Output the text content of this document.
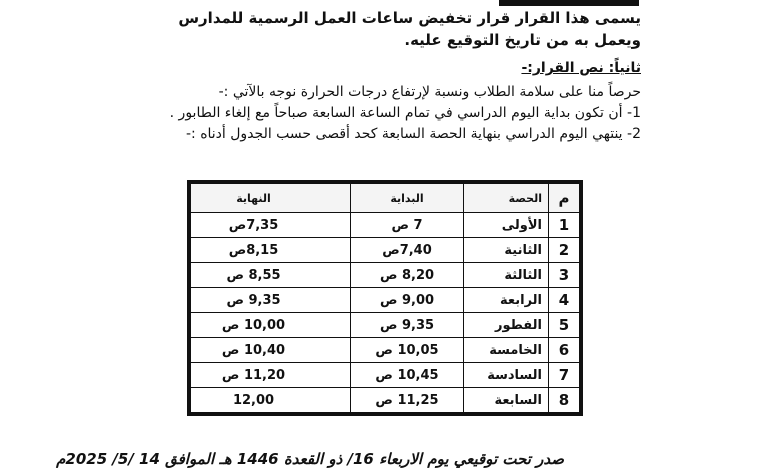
يسمى هذا القرار قرار تخفيض ساعات العمل الرسمية للمدارس ويعمل به من تاريخ التوقيع عليه.
ثانياً: نص القرار:-
حرصاً منا على سلامة الطلاب ونسبة لإرتفاع درجات الحرارة نوجه بالآتي :-
1- أن تكون بداية اليوم الدراسي في تمام الساعة السابعة صباحاً مع إلغاء الطابور .
2- ينتهي اليوم الدراسي بنهاية الحصة السابعة كحد أقصى حسب الجدول أدناه :-
م	الحصة	البداية	النهاية
1	الأولى	7 ص	7,35ص
2	الثانية	7,40ص	8,15ص
3	الثالثة	8,20 ص	8,55 ص
4	الرابعة	9,00 ص	9,35 ص
5	الفطور	9,35 ص	10,00 ص
6	الخامسة	10,05 ص	10,40 ص
7	السادسة	10,45 ص	11,20 ص
8	السابعة	11,25 ص	12,00
صدر تحت توقيعي يوم الاربعاء 16/ ذو القعدة 1446 هـ الموافق 14 /5/ 2025م
